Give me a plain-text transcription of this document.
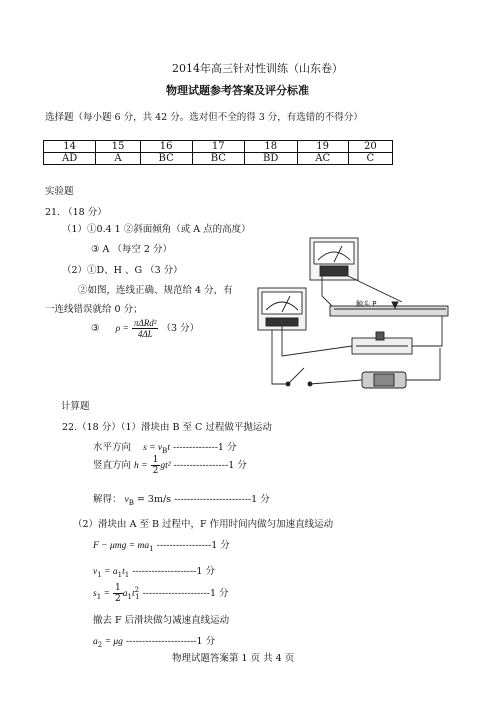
2014年高三针对性训练（山东卷）
物理试题参考答案及评分标准
选择题（每小题 6 分，共 42 分。选对但不全的得 3 分，有选错的不得分）
14	15	16	17	18	19	20
AD	A	BC	BC	BD	AC	C
实验题
21. （18 分）
（1）①0.4 1 ②斜面倾角（或 A 点的高度）
③ A （每空 2 分）
（2）①D、H 、G （3 分）
②如图，连线正确、规范给 4 分，有
一连线错误就给 0 分；
③ $\rho = \frac{\text{πΔRd²}}{4\Delta L} (3$ 分）
触头 P
计算题
22.（18 分）（1）滑块由 B 至 C 过程做平抛运动
水平方向 $s = v_Bt$ --------------1 分
竖直方向 $h = \frac{1}{2} gt^2$ -----------------1 分
解得： $v_B = 3m/s$ ------------------------1 分
（2）滑块由 A 至 B 过程中，F 作用时间内做匀加速直线运动
$F - \mu mg = ma_1$ -----------------1 分
$v_1 = a_1t_1$ --------------------1 分
$s_1 = \frac{1}{2} a_1t^2_1$ ---------------------1 分
撤去 F 后滑块做匀减速直线运动
$a_2 = \mu g$ ----------------------1 分
物理试题答案第 1 页 共 4 页
